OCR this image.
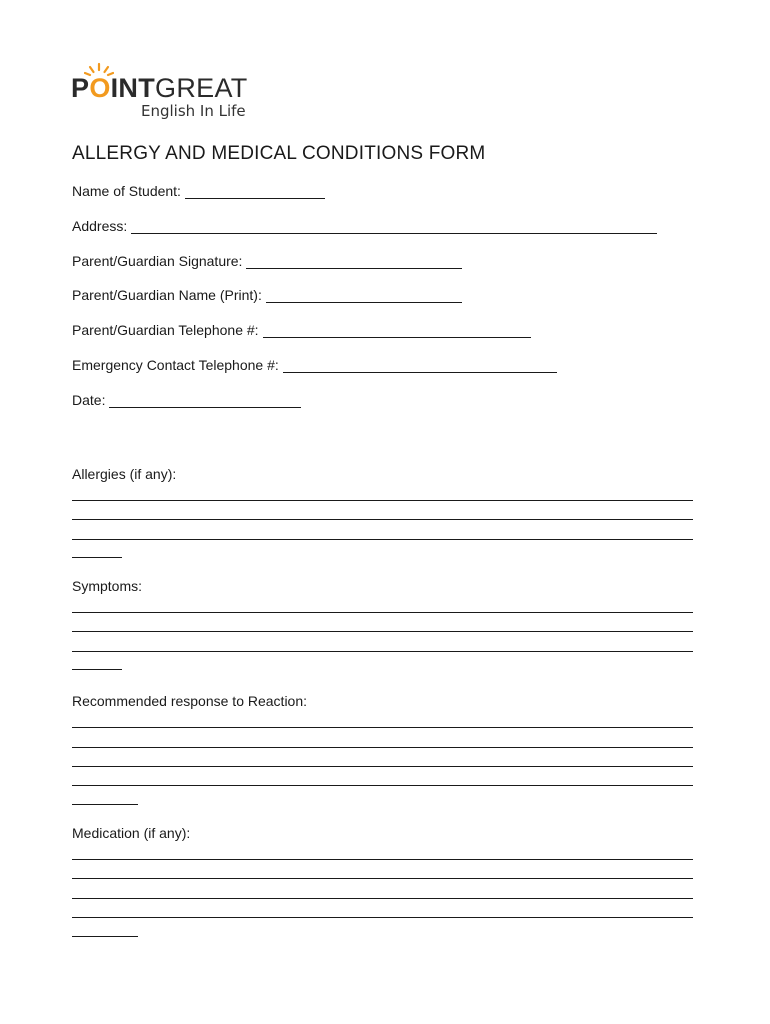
POINTGREAT
English In Life
ALLERGY AND MEDICAL CONDITIONS FORM
Name of Student:
Address:
Parent/Guardian Signature:
Parent/Guardian Name (Print):
Parent/Guardian Telephone #:
Emergency Contact Telephone #:
Date:
Allergies (if any):
Symptoms:
Recommended response to Reaction:
Medication (if any):
